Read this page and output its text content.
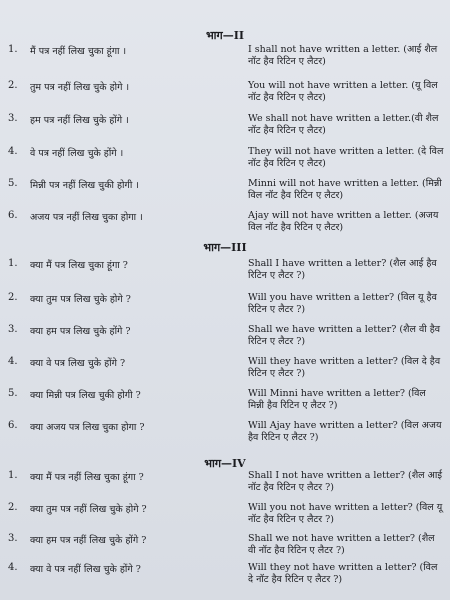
भाग—II
1. मैं पत्र नहीं लिख चुका हूंगा ।	I shall not have written a letter. (आई शैल नॉट हैव रिटिन ए लैटर)
2. तुम पत्र नहीं लिख चुके होगे ।	You will not have written a letter. (यू विल नॉट हैव रिटिन ए लैटर)
3. हम पत्र नहीं लिख चुके होंगे ।	We shall not have written a letter.(वी शैल नॉट हैव रिटिन ए लैटर)
4. वे पत्र नहीं लिख चुके होंगे ।	They will not have written a letter. (दे विल नॉट हैव रिटिन ए लैटर)
5. मिन्नी पत्र नहीं लिख चुकी होगी ।	Minni will not have written a letter. (मिन्नी विल नॉट हैव रिटिन ए लैटर)
6. अजय पत्र नहीं लिख चुका होगा ।	Ajay will not have written a letter. (अजय विल नॉट हैव रिटिन ए लैटर)
भाग—III
1. क्या मैं पत्र लिख चुका हूंगा ?	Shall I have written a letter? (शैल आई हैव रिटिन ए लैटर ?)
2. क्या तुम पत्र लिख चुके होगे ?	Will you have written a letter? (विल यू हैव रिटिन ए लैटर ?)
3. क्या हम पत्र लिख चुके होंगे ?	Shall we have written a letter? (शैल वी हैव रिटिन ए लैटर ?)
4. क्या वे पत्र लिख चुके होंगे ?	Will they have written a letter? (विल दे हैव रिटिन ए लैटर ?)
5. क्या मिन्नी पत्र लिख चुकी होगी ?	Will Minni have written a letter? (विल मिन्नी हैव रिटिन ए लैटर ?)
6. क्या अजय पत्र लिख चुका होगा ?	Will Ajay have written a letter? (विल अजय हैव रिटिन ए लैटर ?)
भाग—IV
1. क्या मैं पत्र नहीं लिख चुका हूंगा ?	Shall I not have written a letter? (शैल आई नॉट हैव रिटिन ए लैटर ?)
2. क्या तुम पत्र नहीं लिख चुके होगे ?	Will you not have written a letter? (विल यू नॉट हैव रिटिन ए लैटर ?)
3. क्या हम पत्र नहीं लिख चुके होंगे ?	Shall we not have written a letter? (शैल वी नॉट हैव रिटिन ए लैटर ?)
4. क्या वे पत्र नहीं लिख चुके होंगे ?	Will they not have written a letter? (विल दे नॉट हैव रिटिन ए लैटर ?)
